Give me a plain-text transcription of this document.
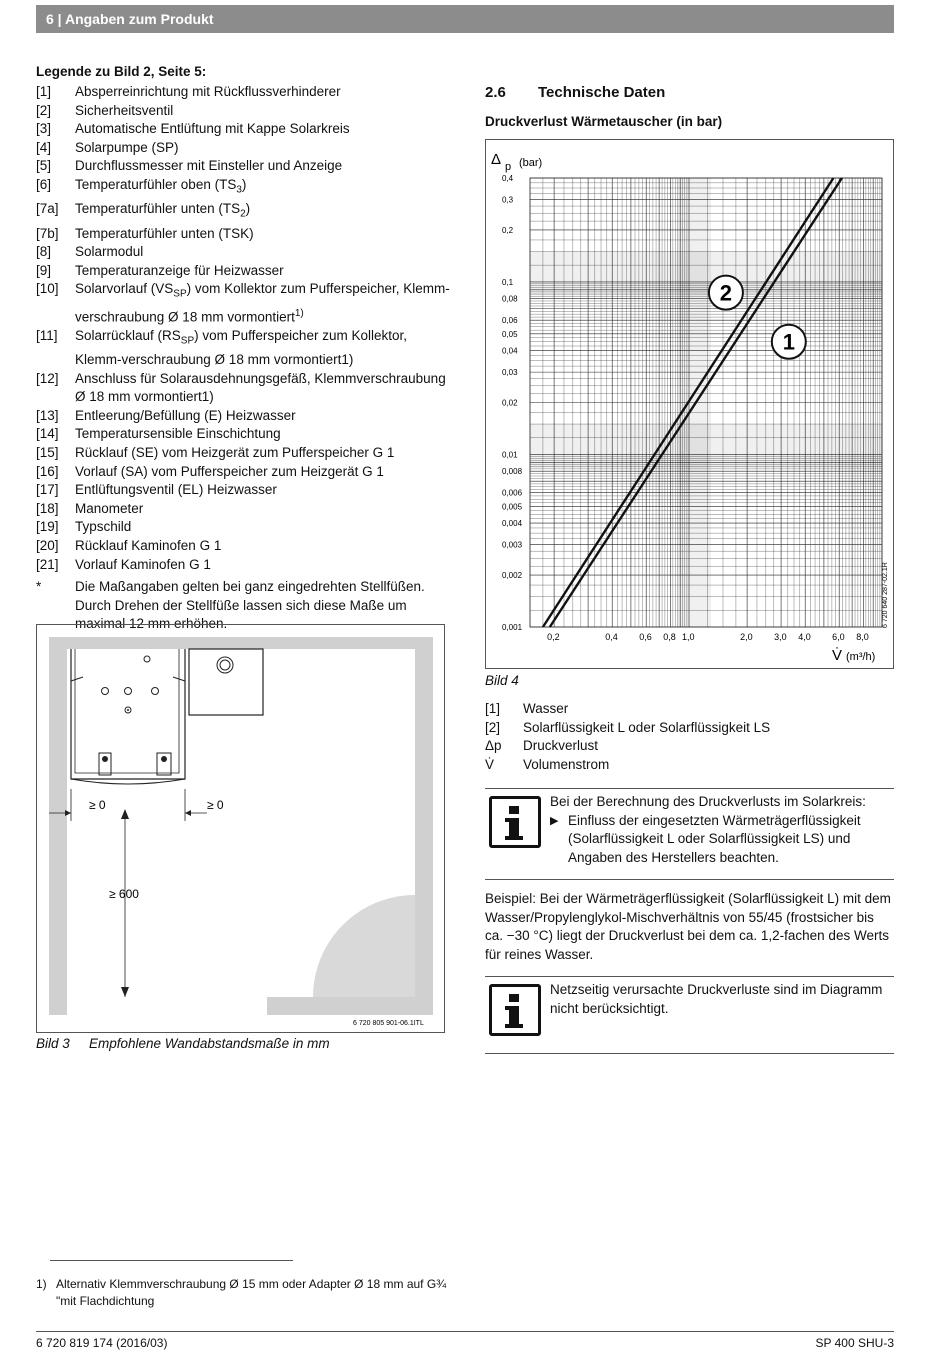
6 | Angaben zum Produkt
Legende zu Bild 2, Seite 5:
[1]	Absperreinrichtung mit Rückflussverhinderer
[2]	Sicherheitsventil
[3]	Automatische Entlüftung mit Kappe Solarkreis
[4]	Solarpumpe (SP)
[5]	Durchflussmesser mit Einsteller und Anzeige
[6]	Temperaturfühler oben $(TS_3)$
[7a]	Temperaturfühler unten $(TS_2)$
[7b]	Temperaturfühler unten (TSK)
[8]	Solarmodul
[9]	Temperaturanzeige für Heizwasser
[10]	Solarvorlauf $(VS_{SP})$ vom Kollektor zum Pufferspeicher, Klemm-verschraubung Ø 18 mm vormontiert$^{1)}$
[11]	Solarrücklauf $(RS_{SP})$ vom Pufferspeicher zum Kollektor, Klemm-verschraubung Ø 18 mm vormontiert1)
[12]	Anschluss für Solarausdehnungsgefäß, Klemmverschraubung Ø 18 mm vormontiert1)
[13]	Entleerung/Befüllung (E) Heizwasser
[14]	Temperatursensible Einschichtung
[15]	Rücklauf (SE) vom Heizgerät zum Pufferspeicher G 1
[16]	Vorlauf (SA) vom Pufferspeicher zum Heizgerät G 1
[17]	Entlüftungsventil (EL) Heizwasser
[18]	Manometer
[19]	Typschild
[20]	Rücklauf Kaminofen G 1
[21]	Vorlauf Kaminofen G 1
*	Die Maßangaben gelten bei ganz eingedrehten Stellfüßen. Durch Drehen der Stellfüße lassen sich diese Maße um maximal 12 mm erhöhen.
≥ 0	≥ 0
≥ 600
6 720 805 901-06.1ITL
Bild 3 Empfohlene Wandabstandsmaße in mm
2.6 Technische Daten
Druckverlust Wärmetauscher (in bar)
0,4
0,3
0,2
0,1
0,08
0,06
0,05
0,04
0,03
0,02
0,01
0,008
0,006
0,005
0,004
0,003
0,002
0,001
0,2	0,4 0,6 0,8 1,0	2,0 3,0 4,0 6,0 8,0
Δ p (bar)
V̇ (m³/h)
6 720 640 287-02.1R
1
2
Bild 4
[1]	Wasser
[2]	Solarflüssigkeit L oder Solarflüssigkeit LS
Δp	Druckverlust
V̇	Volumenstrom
Bei der Berechnung des Druckverlusts im Solarkreis:
▶ Einfluss der eingesetzten Wärmeträgerflüssigkeit (Solarflüssigkeit L oder Solarflüssigkeit LS) und Angaben des Herstellers beachten.
Beispiel: Bei der Wärmeträgerflüssigkeit (Solarflüssigkeit L) mit dem Wasser/Propylenglykol-Mischverhältnis von 55/45 (frostsicher bis ca. −30 °C) liegt der Druckverlust bei dem ca. 1,2-fachen des Werts für reines Wasser.
Netzseitig verursachte Druckverluste sind im Diagramm nicht berücksichtigt.
1) Alternativ Klemmverschraubung Ø 15 mm oder Adapter Ø 18 mm auf G¾ "mit Flachdichtung
6 720 819 174 (2016/03)	SP 400 SHU-3
